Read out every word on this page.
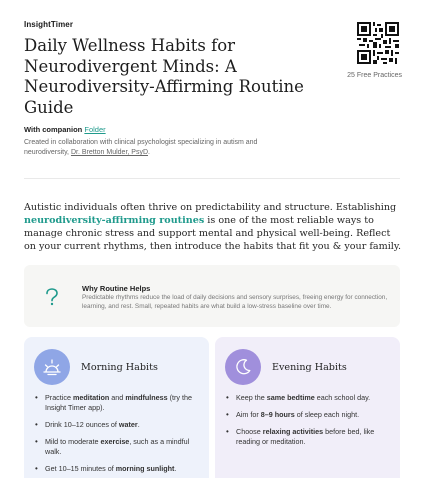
InsightTimer
Daily Wellness Habits for Neurodivergent Minds: A Neurodiversity-Affirming Routine Guide
With companion Folder
Created in collaboration with clinical psychologist specializing in autism and neurodiversity, Dr. Bretton Mulder, PsyD.
25 Free Practices

Autistic individuals often thrive on predictability and structure. Establishing neurodiversity-affirming routines is one of the most reliable ways to manage chronic stress and support mental and physical well-being. Reflect on your current rhythms, then introduce the habits that fit you & your family.

Why Routine Helps
Predictable rhythms reduce the load of daily decisions and sensory surprises, freeing energy for connection, learning, and rest. Small, repeated habits are what build a low-stress baseline over time.
Morning Habits
• Practice meditation and mindfulness (try the Insight Timer app).
• Drink 10–12 ounces of water.
• Mild to moderate exercise, such as a mindful walk.
• Get 10–15 minutes of morning sunlight.
Evening Habits
• Keep the same bedtime each school day.
• Aim for 8–9 hours of sleep each night.
• Choose relaxing activities before bed, like reading or meditation.
